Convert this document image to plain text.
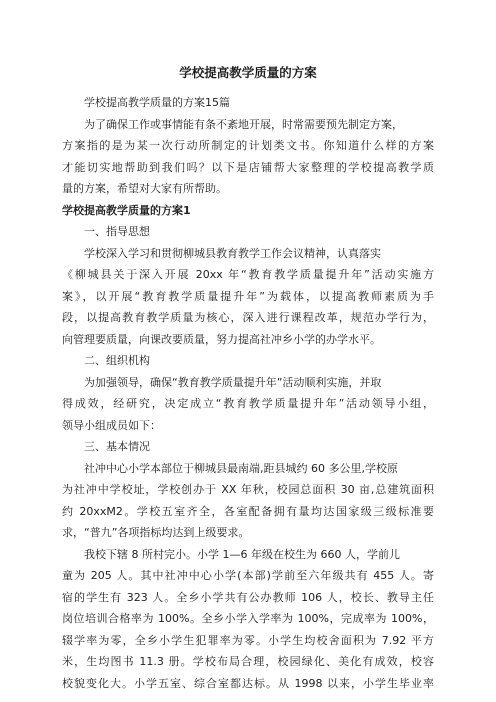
学校提高教学质量的方案
学校提高教学质量的方案15篇
为了确保工作或事情能有条不紊地开展，时常需要预先制定方案，
方案指的是为某一次行动所制定的计划类文书。你知道什么样的方案
才能切实地帮助到我们吗？以下是店铺帮大家整理的学校提高教学质
量的方案，希望对大家有所帮助。
学校提高教学质量的方案1
一、指导思想
学校深入学习和贯彻柳城县教育教学工作会议精神，认真落实
《柳城县关于深入开展 20xx 年“教育教学质量提升年”活动实施方
案》，以开展“教育教学质量提升年”为载体，以提高教师素质为手
段，以提高教育教学质量为核心，深入进行课程改革，规范办学行为，
向管理要质量，向课改要质量，努力提高社冲乡小学的办学水平。
二、组织机构
为加强领导，确保“教育教学质量提升年”活动顺利实施，并取
得成效，经研究，决定成立“教育教学质量提升年”活动领导小组，
领导小组成员如下：
三、基本情况
社冲中心小学本部位于柳城县最南端,距县城约 60 多公里,学校原
为社冲中学校址，学校创办于 XX 年秋，校园总面积 30 亩,总建筑面积
约 20xxM2。学校五室齐全，各室配备拥有量均达国家级三级标准要
求，“普九”各项指标均达到上级要求。
我校下辖 8 所村完小。小学 1—6 年级在校生为 660 人，学前儿
童为 205 人。其中社冲中心小学(本部)学前至六年级共有 455 人。寄
宿的学生有 323 人。全乡小学共有公办教师 106 人，校长、教导主任
岗位培训合格率为 100%。全乡小学入学率为 100%，完成率为 100%，
辍学率为零，全乡小学生犯罪率为零。小学生均校舍面积为 7.92 平方
米，生均图书 11.3 册。学校布局合理，校园绿化、美化有成效，校容
校貌变化大。小学五室、综合室都达标。从 1998 以来，小学生毕业率
